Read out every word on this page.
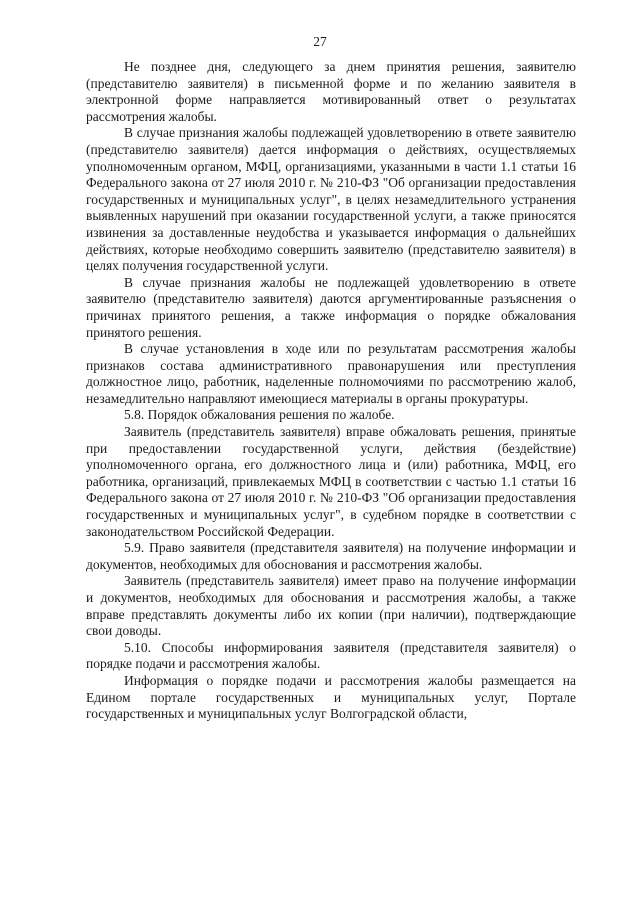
27

Не позднее дня, следующего за днем принятия решения, заявителю (представителю заявителя) в письменной форме и по желанию заявителя в электронной форме направляется мотивированный ответ о результатах рассмотрения жалобы.

В случае признания жалобы подлежащей удовлетворению в ответе заявителю (представителю заявителя) дается информация о действиях, осуществляемых уполномоченным органом, МФЦ, организациями, указанными в части 1.1 статьи 16 Федерального закона от 27 июля 2010 г. № 210-ФЗ "Об организации предоставления государственных и муниципальных услуг", в целях незамедлительного устранения выявленных нарушений при оказании государственной услуги, а также приносятся извинения за доставленные неудобства и указывается информация о дальнейших действиях, которые необходимо совершить заявителю (представителю заявителя) в целях получения государственной услуги.

В случае признания жалобы не подлежащей удовлетворению в ответе заявителю (представителю заявителя) даются аргументированные разъяснения о причинах принятого решения, а также информация о порядке обжалования принятого решения.

В случае установления в ходе или по результатам рассмотрения жалобы признаков состава административного правонарушения или преступления должностное лицо, работник, наделенные полномочиями по рассмотрению жалоб, незамедлительно направляют имеющиеся материалы в органы прокуратуры.

5.8. Порядок обжалования решения по жалобе.

Заявитель (представитель заявителя) вправе обжаловать решения, принятые при предоставлении государственной услуги, действия (бездействие) уполномоченного органа, его должностного лица и (или) работника, МФЦ, его работника, организаций, привлекаемых МФЦ в соответствии с частью 1.1 статьи 16 Федерального закона от 27 июля 2010 г. № 210-ФЗ "Об организации предоставления государственных и муниципальных услуг", в судебном порядке в соответствии с законодательством Российской Федерации.

5.9. Право заявителя (представителя заявителя) на получение информации и документов, необходимых для обоснования и рассмотрения жалобы.

Заявитель (представитель заявителя) имеет право на получение информации и документов, необходимых для обоснования и рассмотрения жалобы, а также вправе представлять документы либо их копии (при наличии), подтверждающие свои доводы.

5.10. Способы информирования заявителя (представителя заявителя) о порядке подачи и рассмотрения жалобы.

Информация о порядке подачи и рассмотрения жалобы размещается на Едином портале государственных и муниципальных услуг, Портале государственных и муниципальных услуг Волгоградской области,
